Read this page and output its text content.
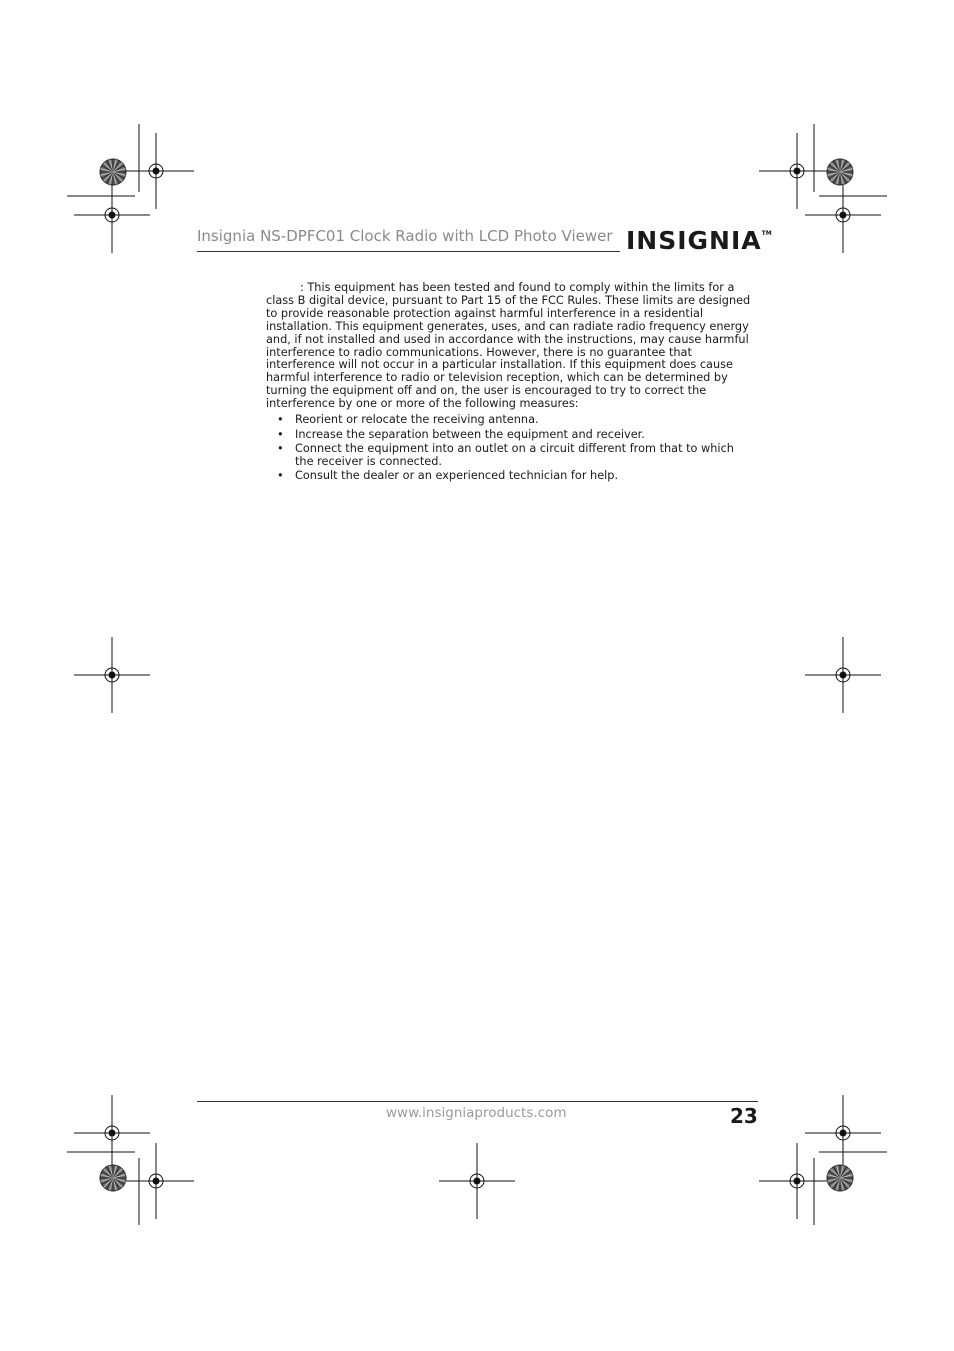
Insignia NS-DPFC01 Clock Radio with LCD Photo Viewer INSIGNIA™

: This equipment has been tested and found to comply within the limits for a class B digital device, pursuant to Part 15 of the FCC Rules. These limits are designed to provide reasonable protection against harmful interference in a residential installation. This equipment generates, uses, and can radiate radio frequency energy and, if not installed and used in accordance with the instructions, may cause harmful interference to radio communications. However, there is no guarantee that interference will not occur in a particular installation. If this equipment does cause harmful interference to radio or television reception, which can be determined by turning the equipment off and on, the user is encouraged to try to correct the interference by one or more of the following measures:

• Reorient or relocate the receiving antenna.
• Increase the separation between the equipment and receiver.
• Connect the equipment into an outlet on a circuit different from that to which the receiver is connected.
• Consult the dealer or an experienced technician for help.
www.insigniaproducts.com	23
